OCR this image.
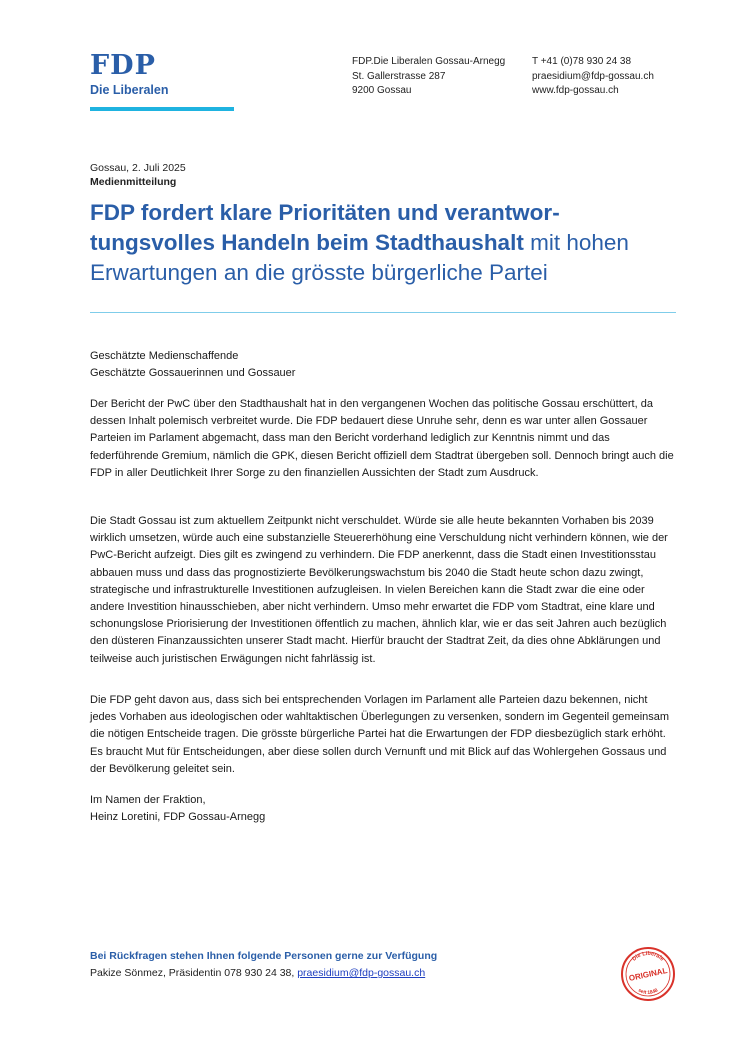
FDP
Die Liberalen
FDP.Die Liberalen Gossau-Arnegg
St. Gallerstrasse 287
9200 Gossau
T +41 (0)78 930 24 38
praesidium@fdp-gossau.ch
www.fdp-gossau.ch
Gossau, 2. Juli 2025
Medienmitteilung
FDP fordert klare Prioritäten und verantwortungsvolles Handeln beim Stadthaushalt mit hohen Erwartungen an die grösste bürgerliche Partei
Geschätzte Medienschaffende
Geschätzte Gossauerinnen und Gossauer

Der Bericht der PwC über den Stadthaushalt hat in den vergangenen Wochen das politische Gossau erschüttert, da dessen Inhalt polemisch verbreitet wurde. Die FDP bedauert diese Unruhe sehr, denn es war unter allen Gossauer Parteien im Parlament abgemacht, dass man den Bericht vorderhand lediglich zur Kenntnis nimmt und das federführende Gremium, nämlich die GPK, diesen Bericht offiziell dem Stadtrat übergeben soll. Dennoch bringt auch die FDP in aller Deutlichkeit Ihrer Sorge zu den finanziellen Aussichten der Stadt zum Ausdruck.

Die Stadt Gossau ist zum aktuellem Zeitpunkt nicht verschuldet. Würde sie alle heute bekannten Vorhaben bis 2039 wirklich umsetzen, würde auch eine substanzielle Steuererhöhung eine Verschuldung nicht verhindern können, wie der PwC-Bericht aufzeigt. Dies gilt es zwingend zu verhindern. Die FDP anerkennt, dass die Stadt einen Investitionsstau abbauen muss und dass das prognostizierte Bevölkerungswachstum bis 2040 die Stadt heute schon dazu zwingt, strategische und infrastrukturelle Investitionen aufzugleisen. In vielen Bereichen kann die Stadt zwar die eine oder andere Investition hinausschieben, aber nicht verhindern. Umso mehr erwartet die FDP vom Stadtrat, eine klare und schonungslose Priorisierung der Investitionen öffentlich zu machen, ähnlich klar, wie er das seit Jahren auch bezüglich den düsteren Finanzaussichten unserer Stadt macht. Hierfür braucht der Stadtrat Zeit, da dies ohne Abklärungen und teilweise auch juristischen Erwägungen nicht fahrlässig ist.

Die FDP geht davon aus, dass sich bei entsprechenden Vorlagen im Parlament alle Parteien dazu bekennen, nicht jedes Vorhaben aus ideologischen oder wahltaktischen Überlegungen zu versenken, sondern im Gegenteil gemeinsam die nötigen Entscheide tragen. Die grösste bürgerliche Partei hat die Erwartungen der FDP diesbezüglich stark erhöht. Es braucht Mut für Entscheidungen, aber diese sollen durch Vernunft und mit Blick auf das Wohlergehen Gossaus und der Bevölkerung geleitet sein.

Im Namen der Fraktion,
Heinz Loretini, FDP Gossau-Arnegg
Bei Rückfragen stehen Ihnen folgende Personen gerne zur Verfügung
Pakize Sönmez, Präsidentin 078 930 24 38, praesidium@fdp-gossau.ch
Die Liberale
ORIGINAL
seit 1848
